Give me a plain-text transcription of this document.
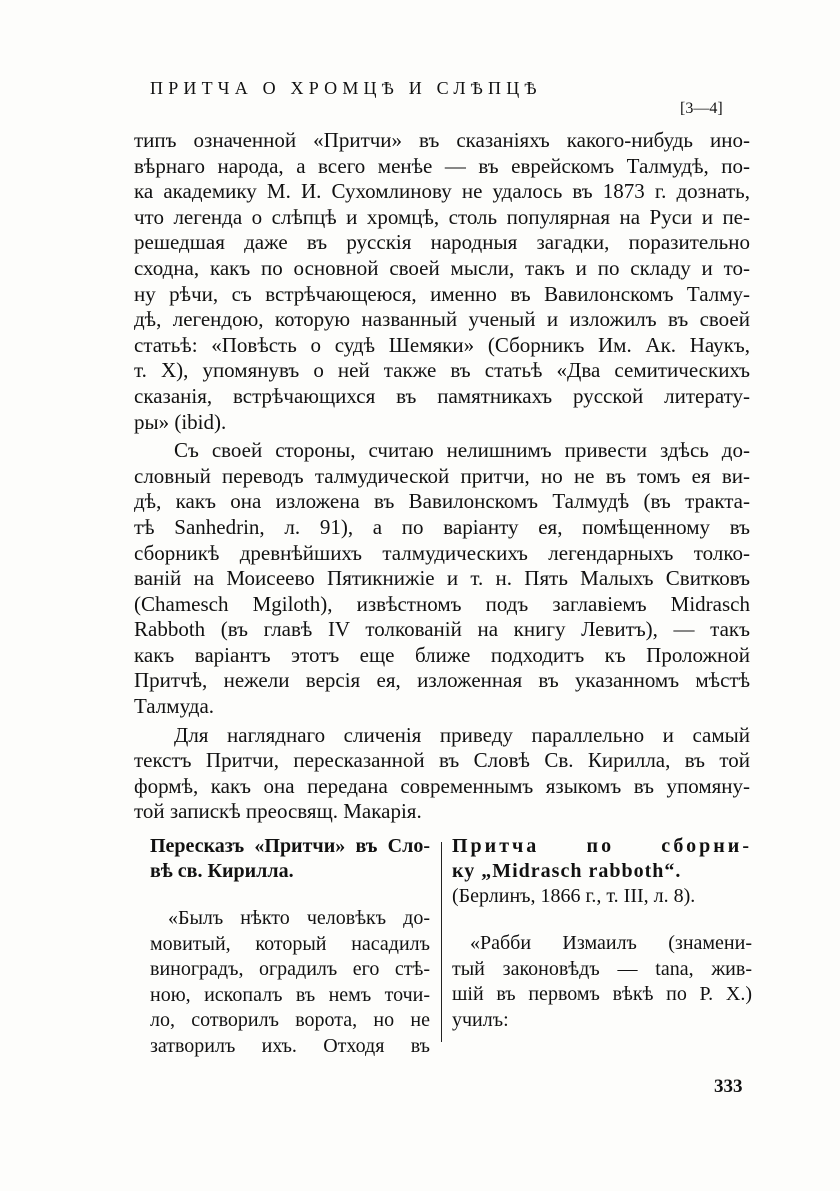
ПРИТЧА О ХРОМЦѢ И СЛѢПЦѢ
[3—4]
типъ означенной «Притчи» въ сказаніяхъ какого-нибудь ино-
вѣрнаго народа, а всего менѣе — въ еврейскомъ Талмудѣ, по-
ка академику М. И. Сухомлинову не удалось въ 1873 г. дознать,
что легенда о слѣпцѣ и хромцѣ, столь популярная на Руси и пе-
решедшая даже въ русскія народныя загадки, поразительно
сходна, какъ по основной своей мысли, такъ и по складу и то-
ну рѣчи, съ встрѣчающеюся, именно въ Вавилонскомъ Талму-
дѣ, легендою, которую названный ученый и изложилъ въ своей
статьѣ: «Повѣсть о судѣ Шемяки» (Сборникъ Им. Ак. Наукъ,
т. X), упомянувъ о ней также въ статьѣ «Два семитическихъ
сказанія, встрѣчающихся въ памятникахъ русской литерату-
ры» (ibid).
Съ своей стороны, считаю нелишнимъ привести здѣсь до-
словный переводъ талмудической притчи, но не въ томъ ея ви-
дѣ, какъ она изложена въ Вавилонскомъ Талмудѣ (въ тракта-
тѣ Sanhedrin, л. 91), а по варіанту ея, помѣщенному въ
сборникѣ древнѣйшихъ талмудическихъ легендарныхъ толко-
ваній на Моисеево Пятикнижіе и т. н. Пять Малыхъ Свитковъ
(Chamesch Mgiloth), извѣстномъ подъ заглавіемъ Midrasch
Rabboth (въ главѣ IV толкованій на книгу Левитъ), — такъ
какъ варіантъ этотъ еще ближе подходитъ къ Проложной
Притчѣ, нежели версія ея, изложенная въ указанномъ мѣстѣ
Талмуда.
Для нагляднаго сличенія приведу параллельно и самый
текстъ Притчи, пересказанной въ Словѣ Св. Кирилла, въ той
формѣ, какъ она передана современнымъ языкомъ въ упомяну-
той запискѣ преосвящ. Макарія.
Пересказъ «Притчи» въ Сло-
вѣ св. Кирилла.
«Былъ нѣкто человѣкъ до-
мовитый, который насадилъ
виноградъ, оградилъ его стѣ-
ною, ископалъ въ немъ точи-
ло, сотворилъ ворота, но не
затворилъ ихъ. Отходя въ
Притча по сборни-
ку „Midrasch rabboth“.
(Берлинъ, 1866 г., т. III, л. 8).
«Рабби Измаилъ (знамени-
тый законовѣдъ — tana, жив-
шій въ первомъ вѣкѣ по Р. X.)
училъ:
333
